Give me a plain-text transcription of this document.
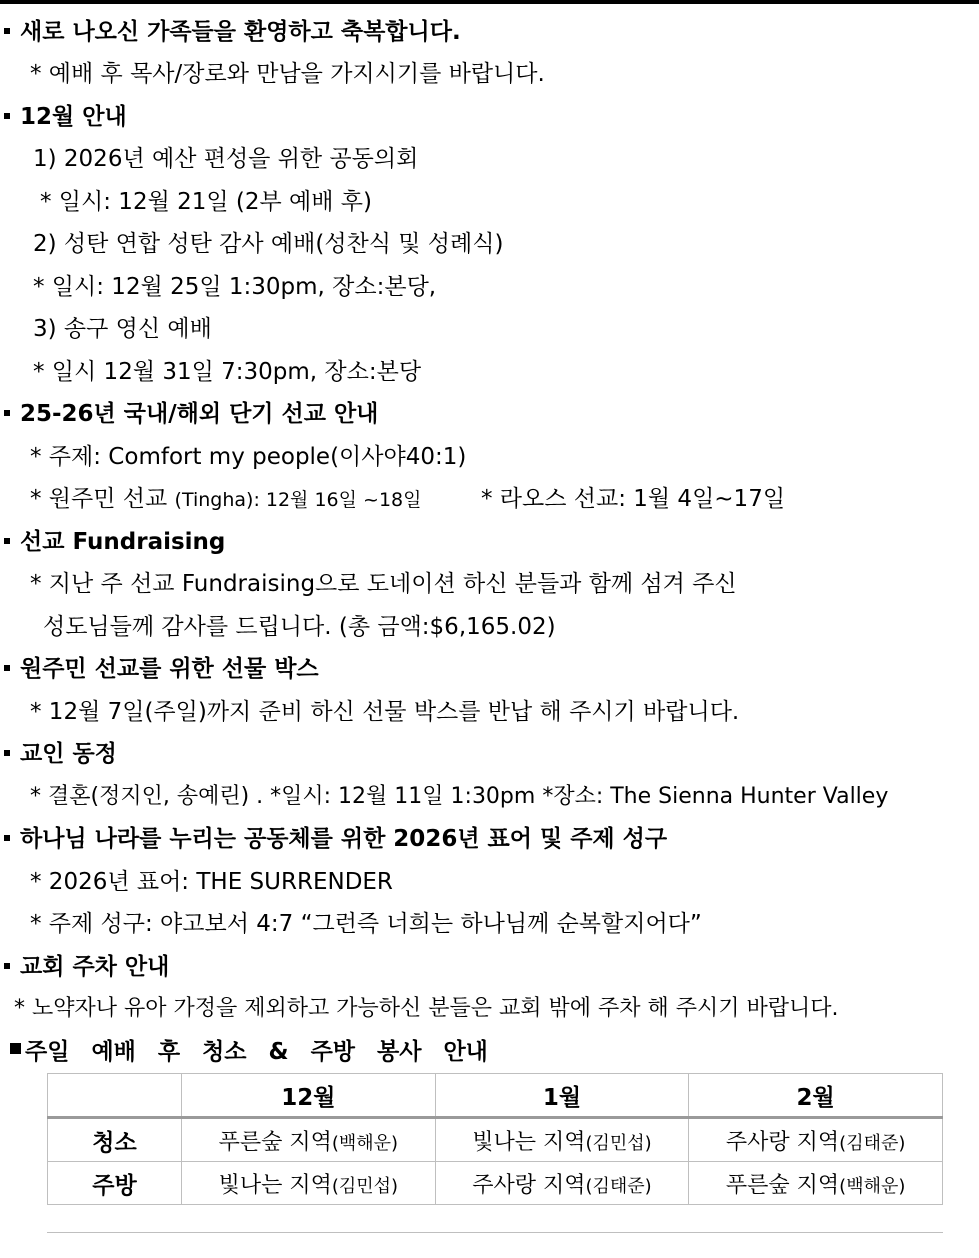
새로 나오신 가족들을 환영하고 축복합니다.
* 예배 후 목사/장로와 만남을 가지시기를 바랍니다.
12월 안내
1) 2026년 예산 편성을 위한 공동의회
* 일시: 12월 21일 (2부 예배 후)
2) 성탄 연합 성탄 감사 예배(성찬식 및 성례식)
* 일시: 12월 25일 1:30pm, 장소:본당,
3) 송구 영신 예배
* 일시 12월 31일 7:30pm, 장소:본당
25-26년 국내/해외 단기 선교 안내
* 주제: Comfort my people(이사야40:1)
* 원주민 선교 (Tingha): 12월 16일 ~18일	* 라오스 선교: 1월 4일~17일
선교 Fundraising
* 지난 주 선교 Fundraising으로 도네이션 하신 분들과 함께 섬겨 주신
성도님들께 감사를 드립니다. (총 금액:$6,165.02)
원주민 선교를 위한 선물 박스
* 12월 7일(주일)까지 준비 하신 선물 박스를 반납 해 주시기 바랍니다.
교인 동정
* 결혼(정지인, 송예린) . *일시: 12월 11일 1:30pm *장소: The Sienna Hunter Valley
하나님 나라를 누리는 공동체를 위한 2026년 표어 및 주제 성구
* 2026년 표어: THE SURRENDER
* 주제 성구: 야고보서 4:7 “그런즉 너희는 하나님께 순복할지어다”
교회 주차 안내
* 노약자나 유아 가정을 제외하고 가능하신 분들은 교회 밖에 주차 해 주시기 바랍니다.
주일 예배 후 청소 & 주방 봉사 안내
	12월	1월	2월
청소	푸른숲 지역(백해운)	빛나는 지역(김민섭)	주사랑 지역(김태준)
주방	빛나는 지역(김민섭)	주사랑 지역(김태준)	푸른숲 지역(백해운)
